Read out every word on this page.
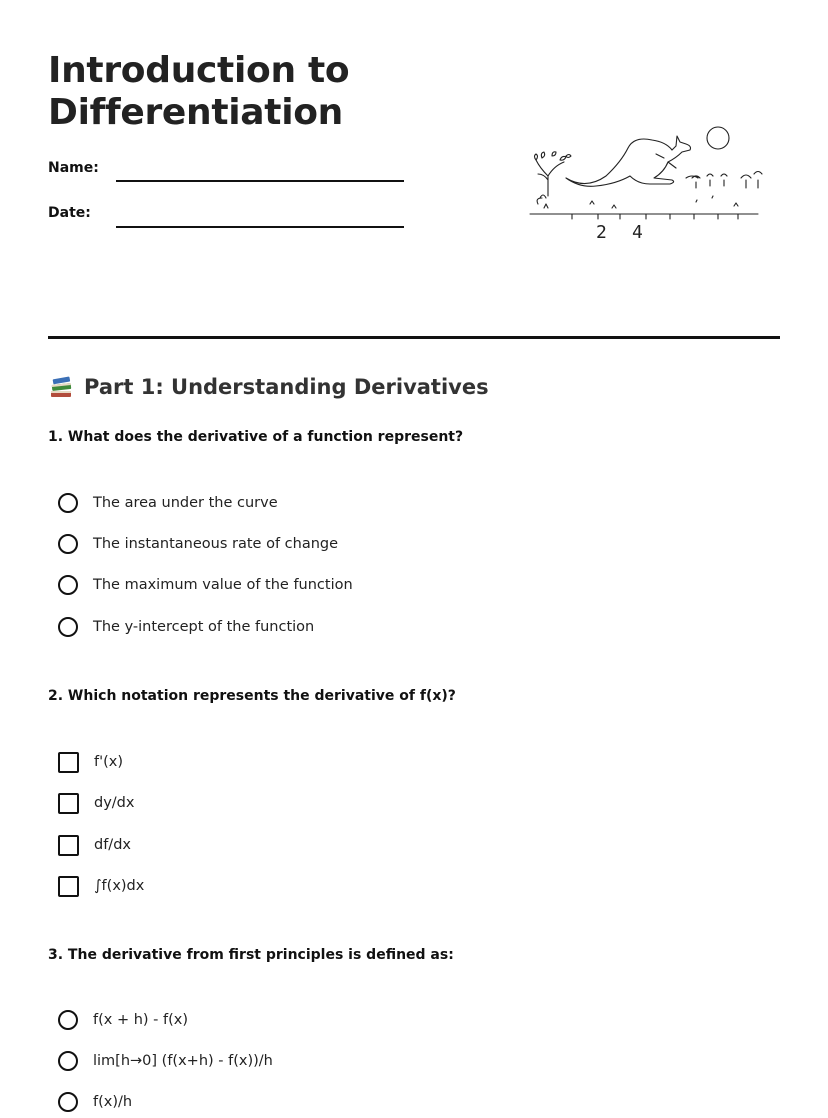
Introduction to
Differentiation
Name:
Date:
2 4
Part 1: Understanding Derivatives

1. What does the derivative of a function represent?

The area under the curve
The instantaneous rate of change
The maximum value of the function
The y-intercept of the function

2. Which notation represents the derivative of f(x)?

f'(x)
dy/dx
df/dx
∫f(x)dx

3. The derivative from first principles is defined as:

f(x + h) - f(x)
lim[h→0] (f(x+h) - f(x))/h
f(x)/h
